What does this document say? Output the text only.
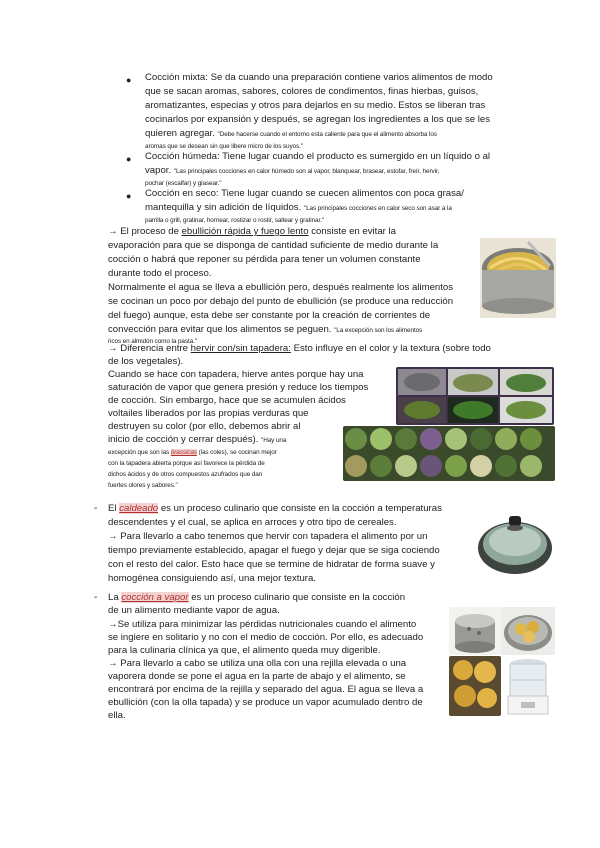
● Cocción mixta: Se da cuando una preparación contiene varios alimentos de modo
que se sacan aromas, sabores, colores de condimentos, finas hierbas, guisos,
aromatizantes, especias y otros para dejarlos en su medio. Estos se liberan tras
cocinarlos por expansión y después, se agregan los ingredientes a los que se les
quieren agregar. "Debe hacerse cuando el entorno esta caliente para que el alimento absorba los
aromas que se desean sin que libere micro de los suyos."
● Cocción húmeda: Tiene lugar cuando el producto es sumergido en un líquido o al
vapor. "Las principales cocciones en calor húmedo son al vapor, blanquear, brasear, estofar, freír, hervir,
pochar (escalfar) y glasear."
● Cocción en seco: Tiene lugar cuando se cuecen alimentos con poca grasa/
mantequilla y sin adición de líquidos. "Las principales cocciones en calor seco son asar a la
parrilla o grill, gratinar, hornear, rostizar o rostir, saltear y gratinar."
→ El proceso de ebullición rápida y fuego lento consiste en evitar la
evaporación para que se disponga de cantidad suficiente de medio durante la
cocción o habrá que reponer su pérdida para tener un volumen constante
durante todo el proceso.
Normalmente el agua se lleva a ebullición pero, después realmente los alimentos
se cocinan un poco por debajo del punto de ebullición (se produce una reducción
del fuego) aunque, esta debe ser constante por la creación de corrientes de
convección para evitar que los alimentos se peguen. "La excepción son los alimentos
ricos en almidón como la pasta."
→ Diferencia entre hervir con/sin tapadera: Esto influye en el color y la textura (sobre todo
de los vegetales).
Cuando se hace con tapadera, hierve antes porque hay una
saturación de vapor que genera presión y reduce los tiempos
de cocción. Sin embargo, hace que se acumulen ácidos
voltailes liberados por las propias verduras que
destruyen su color (por ello, debemos abrir al
inicio de cocción y cerrar después). "Hay una
excepción que son las brassicas (las coles), se cocinan mejor
con la tapadera abierta porque así favorece la pérdida de
dichos ácidos y de otros compuestos azufrados que dan
fuertes olores y sabores."
- El caldeado es un proceso culinario que consiste en la cocción a temperaturas
descendentes y el cual, se aplica en arroces y otro tipo de cereales.
→ Para llevarlo a cabo tenemos que hervir con tapadera el alimento por un
tiempo previamente establecido, apagar el fuego y dejar que se siga cociendo
con el resto del calor. Esto hace que se termine de hidratar de forma suave y
homogénea consiguiendo así, una mejor textura.
- La cocción a vapor es un proceso culinario que consiste en la cocción
de un alimento mediante vapor de agua.
→Se utiliza para minimizar las pérdidas nutricionales cuando el alimento
se ingiere en solitario y no con el medio de cocción. Por ello, es adecuado
para la culinaria clínica ya que, el alimento queda muy digerible.
→ Para llevarlo a cabo se utiliza una olla con una rejilla elevada o una
vaporera donde se pone el agua en la parte de abajo y el alimento, se
encontrará por encima de la rejilla y separado del agua. El agua se lleva a
ebullición (con la olla tapada) y se produce un vapor acumulado dentro de
ella.
